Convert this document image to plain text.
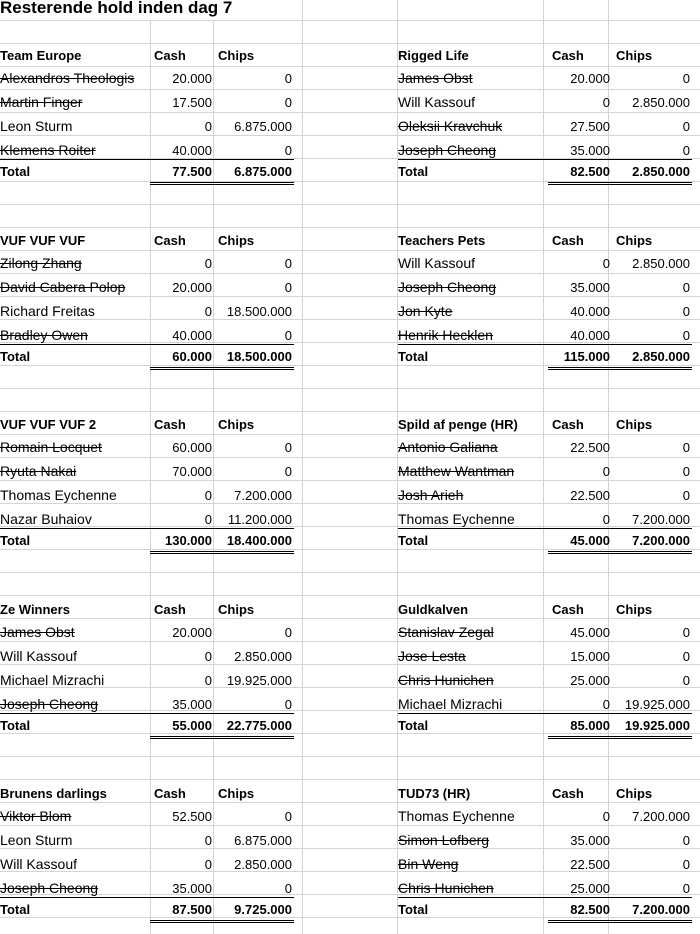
Resterende hold inden dag 7
Team Europe	Cash	Chips
Alexandros Theologis	20.000	0
Martin Finger	17.500	0
Leon Sturm	0	6.875.000
Klemens Roiter	40.000	0
Total	77.500	6.875.000
Rigged Life	Cash	Chips
James Obst	20.000	0
Will Kassouf	0	2.850.000
Oleksii Kravchuk	27.500	0
Joseph Cheong	35.000	0
Total	82.500	2.850.000
VUF VUF VUF	Cash	Chips
Zilong Zhang	0	0
David Cabera Polop	20.000	0
Richard Freitas	0	18.500.000
Bradley Owen	40.000	0
Total	60.000	18.500.000
Teachers Pets	Cash	Chips
Will Kassouf	0	2.850.000
Joseph Cheong	35.000	0
Jon Kyte	40.000	0
Henrik Hecklen	40.000	0
Total	115.000	2.850.000
VUF VUF VUF 2	Cash	Chips
Romain Locquet	60.000	0
Ryuta Nakai	70.000	0
Thomas Eychenne	0	7.200.000
Nazar Buhaiov	0	11.200.000
Total	130.000	18.400.000
Spild af penge (HR)	Cash	Chips
Antonio Galiana	22.500	0
Matthew Wantman	0	0
Josh Arieh	22.500	0
Thomas Eychenne	0	7.200.000
Total	45.000	7.200.000
Ze Winners	Cash	Chips
James Obst	20.000	0
Will Kassouf	0	2.850.000
Michael Mizrachi	0	19.925.000
Joseph Cheong	35.000	0
Total	55.000	22.775.000
Guldkalven	Cash	Chips
Stanislav Zegal	45.000	0
Jose Lesta	15.000	0
Chris Hunichen	25.000	0
Michael Mizrachi	0	19.925.000
Total	85.000	19.925.000
Brunens darlings	Cash	Chips
Viktor Blom	52.500	0
Leon Sturm	0	6.875.000
Will Kassouf	0	2.850.000
Joseph Cheong	35.000	0
Total	87.500	9.725.000
TUD73 (HR)	Cash	Chips
Thomas Eychenne	0	7.200.000
Simon Lofberg	35.000	0
Bin Weng	22.500	0
Chris Hunichen	25.000	0
Total	82.500	7.200.000
